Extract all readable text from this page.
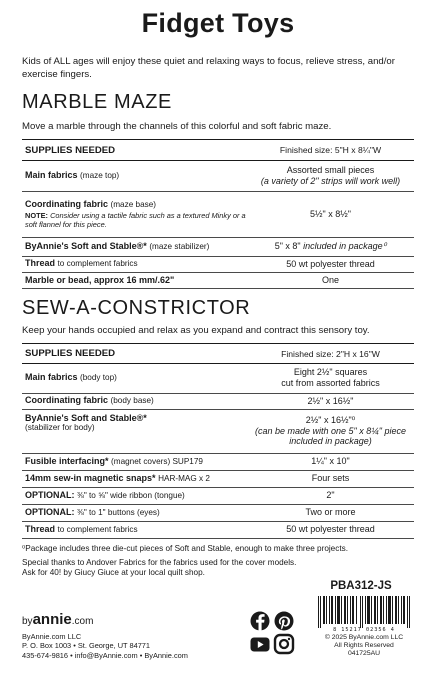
Fidget Toys
Kids of ALL ages will enjoy these quiet and relaxing ways to focus, relieve stress, and/or exercise fingers.
MARBLE MAZE
Move a marble through the channels of this colorful and soft fabric maze.
SUPPLIES NEEDED	Finished size: 5"H x 8¼"W
Main fabrics (maze top)	Assorted small pieces
(a variety of 2" strips will work well)
Coordinating fabric (maze base)
NOTE: Consider using a tactile fabric such as a textured Minky or a soft flannel for this piece.	5½" x 8½"
ByAnnie's Soft and Stable®* (maze stabilizer)	5" x 8" included in package⁰
Thread to complement fabrics	50 wt polyester thread
Marble or bead, approx 16 mm/.62"	One
SEW-A-CONSTRICTOR
Keep your hands occupied and relax as you expand and contract this sensory toy.
SUPPLIES NEEDED	Finished size: 2"H x 16"W
Main fabrics (body top)	Eight 2½" squares
cut from assorted fabrics
Coordinating fabric (body base)	2½" x 16½"

ByAnnie's Soft and Stable®*
(stabilizer for body)	2½" x 16½"⁰
(can be made with one 5" x 8¼" piece included in package)
Fusible interfacing* (magnet covers) SUP179	1¼" x 10"
14mm sew-in magnetic snaps* HAR-MAG x 2	Four sets
OPTIONAL: ⅜" to ⅝" wide ribbon (tongue)	2"
OPTIONAL: ⅜" to 1" buttons (eyes)	Two or more
Thread to complement fabrics	50 wt polyester thread
⁰Package includes three die-cut pieces of Soft and Stable, enough to make three projects.
Special thanks to Andover Fabrics for the fabrics used for the cover models.
Ask for 40! by Giucy Giuce at your local quilt shop.
PBA312-JS
byannie.com
ByAnnie.com LLC
P. O. Box 1003 • St. George, UT 84771
435-674-9816 • info@ByAnnie.com • ByAnnie.com
8 15217 02356 4
© 2025 ByAnnie.com LLC
All Rights Reserved
041725AU
